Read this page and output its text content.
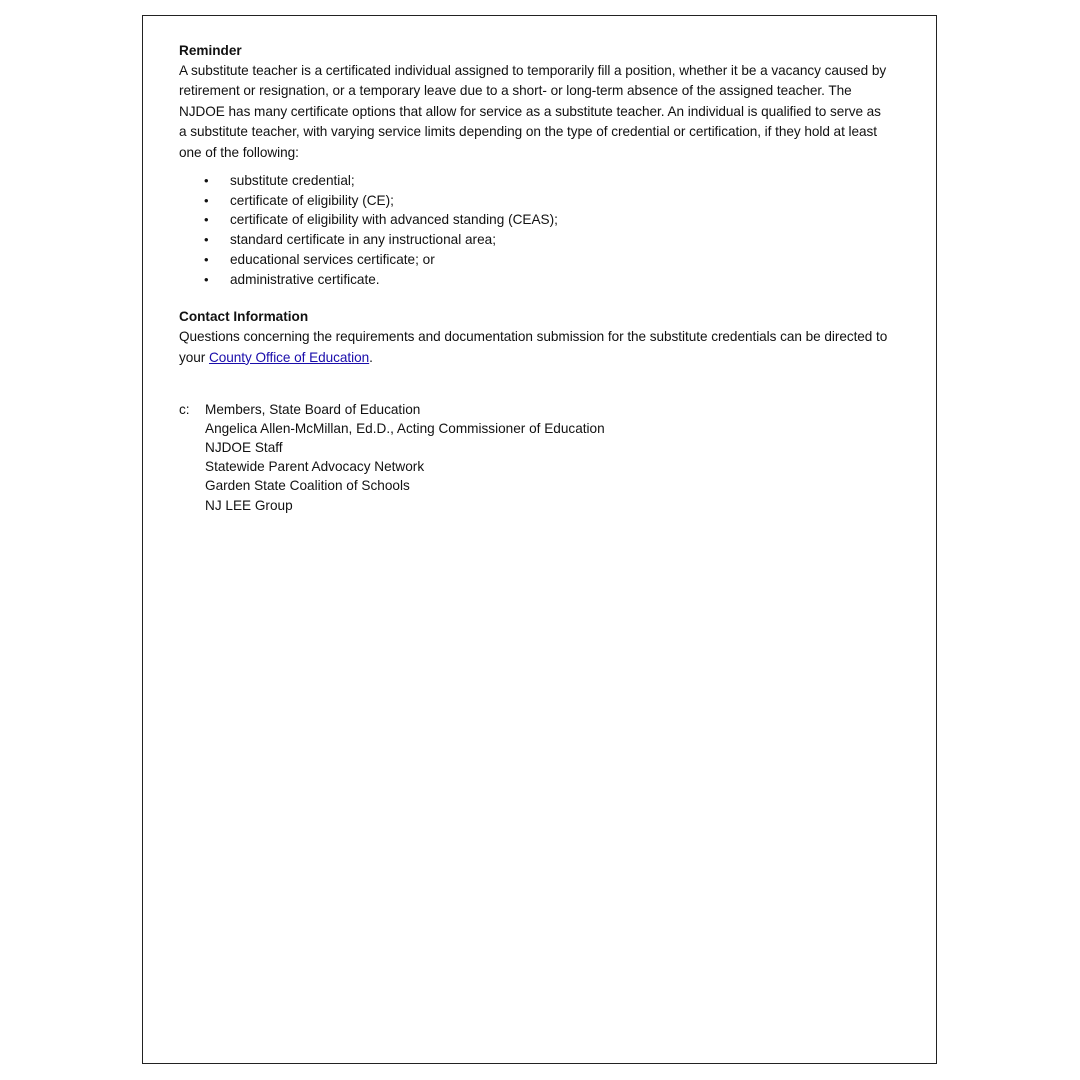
Reminder

A substitute teacher is a certificated individual assigned to temporarily fill a position, whether it be a vacancy caused by retirement or resignation, or a temporary leave due to a short- or long-term absence of the assigned teacher. The NJDOE has many certificate options that allow for service as a substitute teacher. An individual is qualified to serve as a substitute teacher, with varying service limits depending on the type of credential or certification, if they hold at least one of the following:

• substitute credential;
• certificate of eligibility (CE);
• certificate of eligibility with advanced standing (CEAS);
• standard certificate in any instructional area;
• educational services certificate; or
• administrative certificate.

Contact Information

Questions concerning the requirements and documentation submission for the substitute credentials can be directed to your County Office of Education.

c: Members, State Board of Education
Angelica Allen-McMillan, Ed.D., Acting Commissioner of Education
NJDOE Staff
Statewide Parent Advocacy Network
Garden State Coalition of Schools
NJ LEE Group
